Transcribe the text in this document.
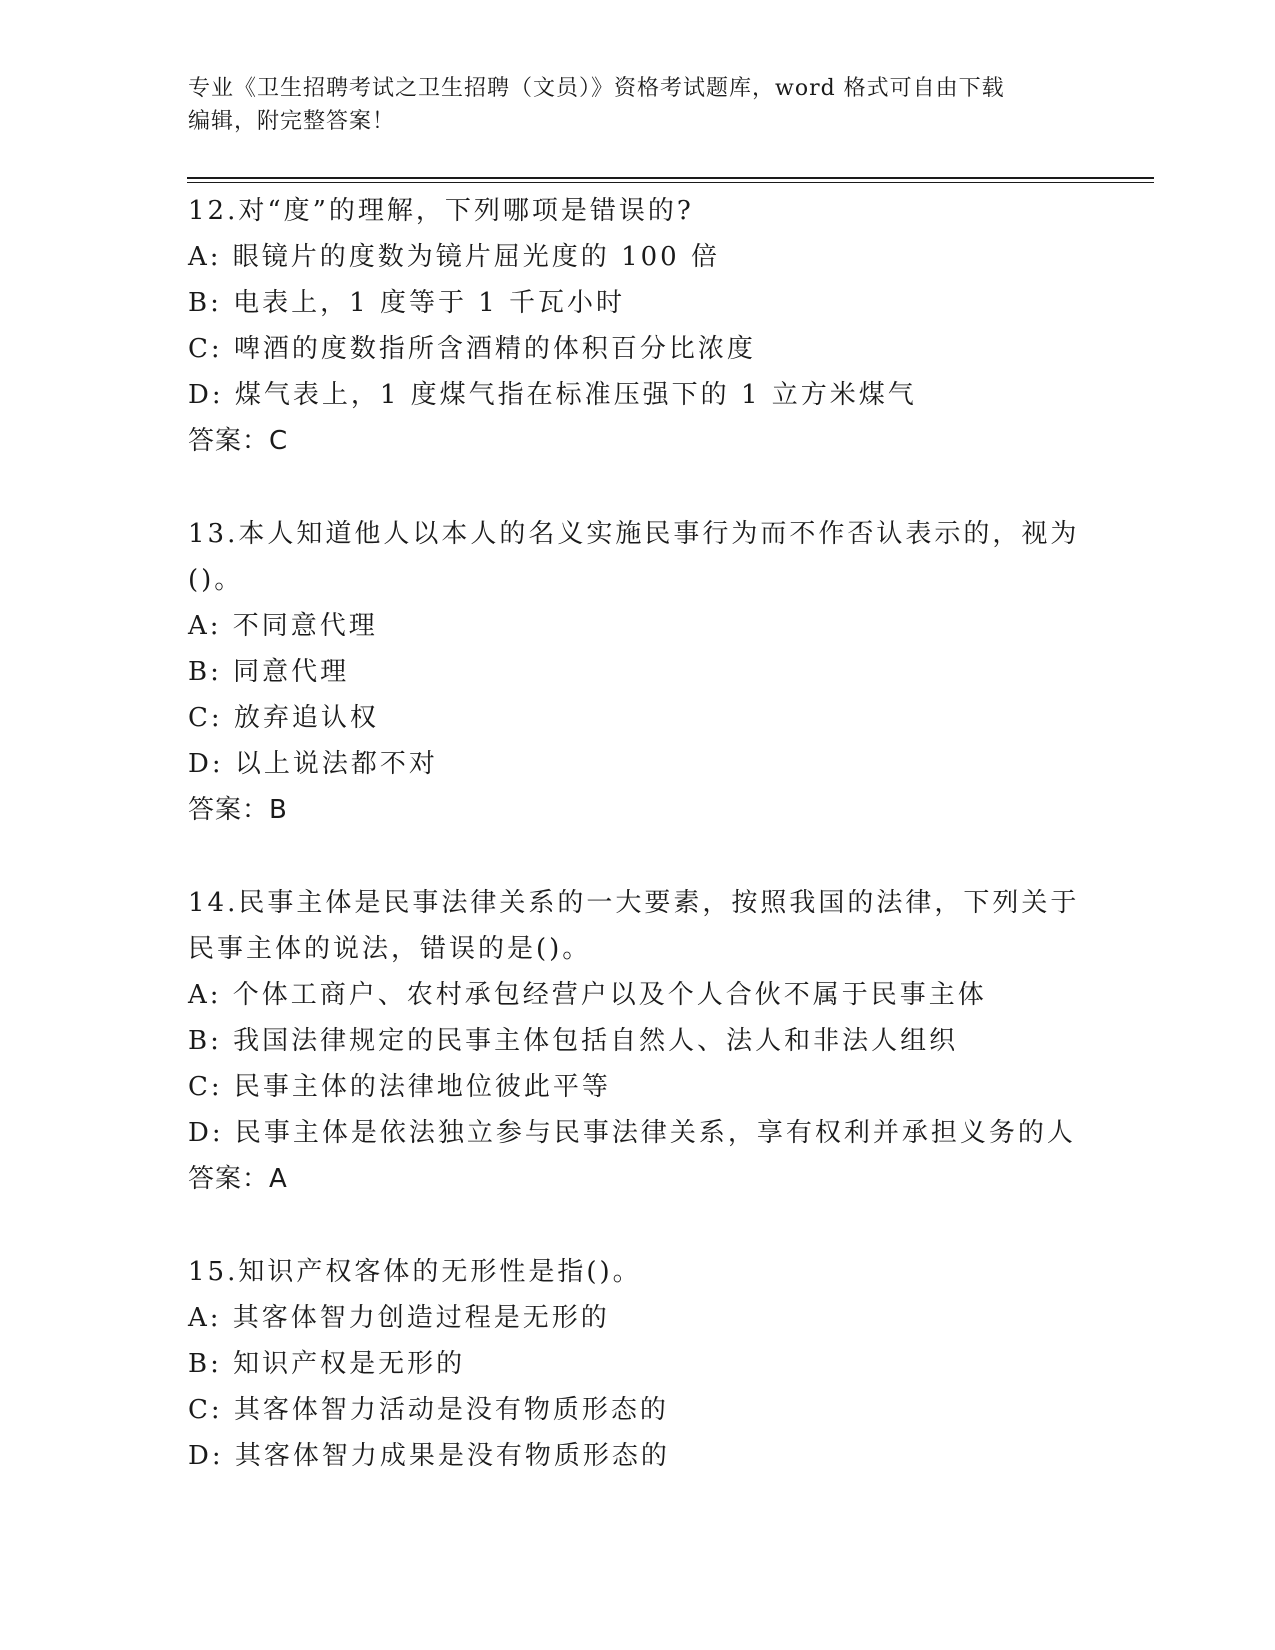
专业《卫生招聘考试之卫生招聘（文员）》资格考试题库，word 格式可自由下载
编辑，附完整答案！
12.对“度”的理解，下列哪项是错误的?
A: 眼镜片的度数为镜片屈光度的 100 倍
B: 电表上，1 度等于 1 千瓦小时
C: 啤酒的度数指所含酒精的体积百分比浓度
D: 煤气表上，1 度煤气指在标准压强下的 1 立方米煤气
答案：C
13.本人知道他人以本人的名义实施民事行为而不作否认表示的，视为
()。
A: 不同意代理
B: 同意代理
C: 放弃追认权
D: 以上说法都不对
答案：B
14.民事主体是民事法律关系的一大要素，按照我国的法律，下列关于
民事主体的说法，错误的是()。
A: 个体工商户、农村承包经营户以及个人合伙不属于民事主体
B: 我国法律规定的民事主体包括自然人、法人和非法人组织
C: 民事主体的法律地位彼此平等
D: 民事主体是依法独立参与民事法律关系，享有权利并承担义务的人
答案：A
15.知识产权客体的无形性是指()。
A: 其客体智力创造过程是无形的
B: 知识产权是无形的
C: 其客体智力活动是没有物质形态的
D: 其客体智力成果是没有物质形态的
